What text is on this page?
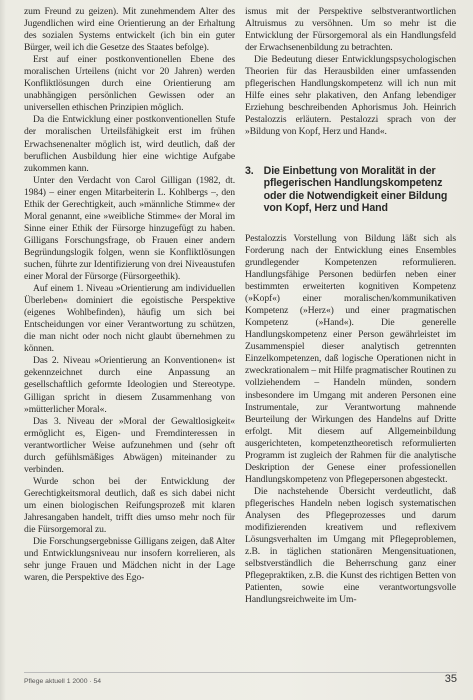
zum Freund zu geizen). Mit zunehmendem Alter des Jugendlichen wird eine Orientierung an der Erhaltung des sozialen Systems entwickelt (ich bin ein guter Bürger, weil ich die Gesetze des Staates befolge).

Erst auf einer postkonventionellen Ebene des moralischen Urteilens (nicht vor 20 Jahren) werden Konfliktlösungen durch eine Orientierung am unabhängigen persönlichen Gewissen oder an universellen ethischen Prinzipien möglich.

Da die Entwicklung einer postkonventionellen Stufe der moralischen Urteilsfähigkeit erst im frühen Erwachsenenalter möglich ist, wird deutlich, daß der beruflichen Ausbildung hier eine wichtige Aufgabe zukommen kann.

Unter den Verdacht von Carol Gilligan (1982, dt. 1984) – einer engen Mitarbeiterin L. Kohlbergs –, den Ethik der Gerechtigkeit, auch »männliche Stimme« der Moral genannt, eine »weibliche Stimme« der Moral im Sinne einer Ethik der Fürsorge hinzugefügt zu haben. Gilligans Forschungsfrage, ob Frauen einer andern Begründungslogik folgen, wenn sie Konfliktlösungen suchen, führte zur Identifizierung von drei Niveaustufen einer Moral der Fürsorge (Fürsorgeethik).

Auf einem 1. Niveau »Orientierung am individuellen Überleben« dominiert die egoistische Perspektive (eigenes Wohlbefinden), häufig um sich bei Entscheidungen vor einer Verantwortung zu schützen, die man nicht oder noch nicht glaubt übernehmen zu können.

Das 2. Niveau »Orientierung an Konventionen« ist gekennzeichnet durch eine Anpassung an gesellschaftlich geformte Ideologien und Stereotype. Gilligan spricht in diesem Zusammenhang von »mütterlicher Moral«.

Das 3. Niveau der »Moral der Gewaltlosigkeit« ermöglicht es, Eigen- und Fremdinteressen in verantwortlicher Weise aufzunehmen und (sehr oft durch gefühlsmäßiges Abwägen) miteinander zu verbinden.

Wurde schon bei der Entwicklung der Gerechtigkeitsmoral deutlich, daß es sich dabei nicht um einen biologischen Reifungsprozeß mit klaren Jahresangaben handelt, trifft dies umso mehr noch für die Fürsorgemoral zu.

Die Forschungsergebnisse Gilligans zeigen, daß Alter und Entwicklungsniveau nur insofern korrelieren, als sehr junge Frauen und Mädchen nicht in der Lage waren, die Perspektive des Ego-

ismus mit der Perspektive selbstverantwortlichen Altruismus zu versöhnen. Um so mehr ist die Entwicklung der Fürsorgemoral als ein Handlungsfeld der Erwachsenenbildung zu betrachten.

Die Bedeutung dieser Entwicklungspsychologischen Theorien für das Herausbilden einer umfassenden pflegerischen Handlungskompetenz will ich nun mit Hilfe eines sehr plakativen, den Anfang lebendiger Erziehung beschreibenden Aphorismus Joh. Heinrich Pestalozzis erläutern. Pestalozzi sprach von der »Bildung von Kopf, Herz und Hand«.

3. Die Einbettung von Moralität in der pflegerischen Handlungskompetenz oder die Notwendigkeit einer Bildung von Kopf, Herz und Hand

Pestalozzis Vorstellung von Bildung läßt sich als Forderung nach der Entwicklung eines Ensembles grundlegender Kompetenzen reformulieren. Handlungsfähige Personen bedürfen neben einer bestimmten erweiterten kognitiven Kompetenz (»Kopf«) einer moralischen/kommunikativen Kompetenz (»Herz«) und einer pragmatischen Kompetenz (»Hand«). Die generelle Handlungskompetenz einer Person gewährleistet im Zusammenspiel dieser analytisch getrennten Einzelkompetenzen, daß logische Operationen nicht in zweckrationalem – mit Hilfe pragmatischer Routinen zu vollziehendem – Handeln münden, sondern insbesondere im Umgang mit anderen Personen eine Instrumentale, zur Verantwortung mahnende Beurteilung der Wirkungen des Handelns auf Dritte erfolgt. Mit diesem auf Allgemeinbildung ausgerichteten, kompetenztheoretisch reformulierten Programm ist zugleich der Rahmen für die analytische Deskription der Genese einer professionellen Handlungskompetenz von Pflegepersonen abgesteckt.

Die nachstehende Übersicht verdeutlicht, daß pflegerisches Handeln neben logisch systematischen Analysen des Pflegeprozesses und darum modifizierenden kreativem und reflexivem Lösungsverhalten im Umgang mit Pflegeproblemen, z.B. in täglichen stationären Mengensituationen, selbstverständlich die Beherrschung ganz einer Pflegepraktiken, z.B. die Kunst des richtigen Betten von Patienten, sowie eine verantwortungsvolle Handlungsreichweite im Um-

Pflege aktuell 1 2000 · 54	35
